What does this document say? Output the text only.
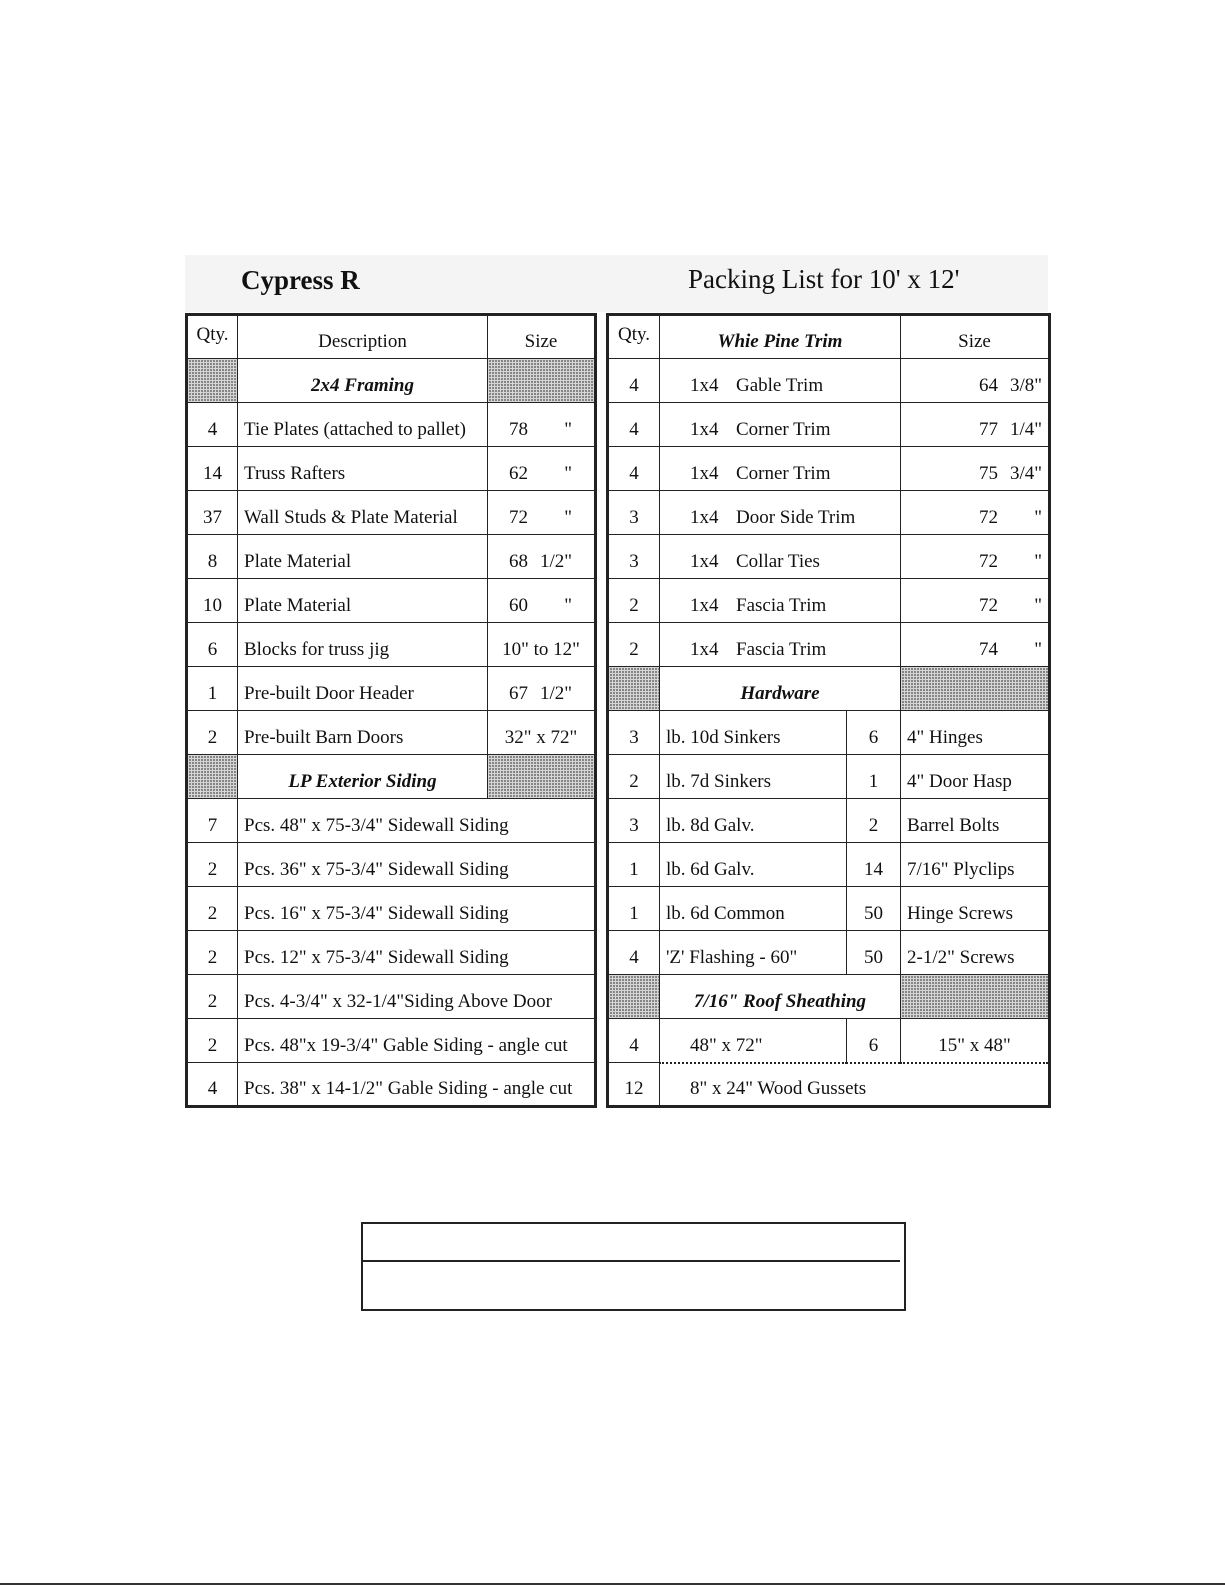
Cypress R	Packing List for 10' x 12'
Qty.	Description	Size
	2x4 Framing	
4	Tie Plates (attached to pallet)	78 "
14	Truss Rafters	62 "
37	Wall Studs & Plate Material	72 "
8	Plate Material	68 1/2"
10	Plate Material	60 "
6	Blocks for truss jig	10" to 12"
1	Pre-built Door Header	67 1/2"
2	Pre-built Barn Doors	32" x 72"
	LP Exterior Siding	
7	Pcs. 48" x 75-3/4" Sidewall Siding	
2	Pcs. 36" x 75-3/4" Sidewall Siding	
2	Pcs. 16" x 75-3/4" Sidewall Siding	
2	Pcs. 12" x 75-3/4" Sidewall Siding	
2	Pcs. 4-3/4" x 32-1/4"Siding Above Door	
2	Pcs. 48"x 19-3/4" Gable Siding - angle cut	
4	Pcs. 38" x 14-1/2" Gable Siding - angle cut	
Qty.	Whie Pine Trim		Size
4	1x4 Gable Trim		64 3/8"
4	1x4 Corner Trim		77 1/4"
4	1x4 Corner Trim		75 3/4"
3	1x4 Door Side Trim		72 "
3	1x4 Collar Ties		72 "
2	1x4 Fascia Trim		72 "
2	1x4 Fascia Trim		74 "
	Hardware		
3	lb. 10d Sinkers	6	4" Hinges
2	lb. 7d Sinkers	1	4" Door Hasp
3	lb. 8d Galv.	2	Barrel Bolts
1	lb. 6d Galv.	14	7/16" Plyclips
1	lb. 6d Common	50	Hinge Screws
4	'Z' Flashing - 60"	50	2-1/2" Screws
	7/16" Roof Sheathing		
4	48" x 72"	6	15" x 48"
12	8" x 24" Wood Gussets		
